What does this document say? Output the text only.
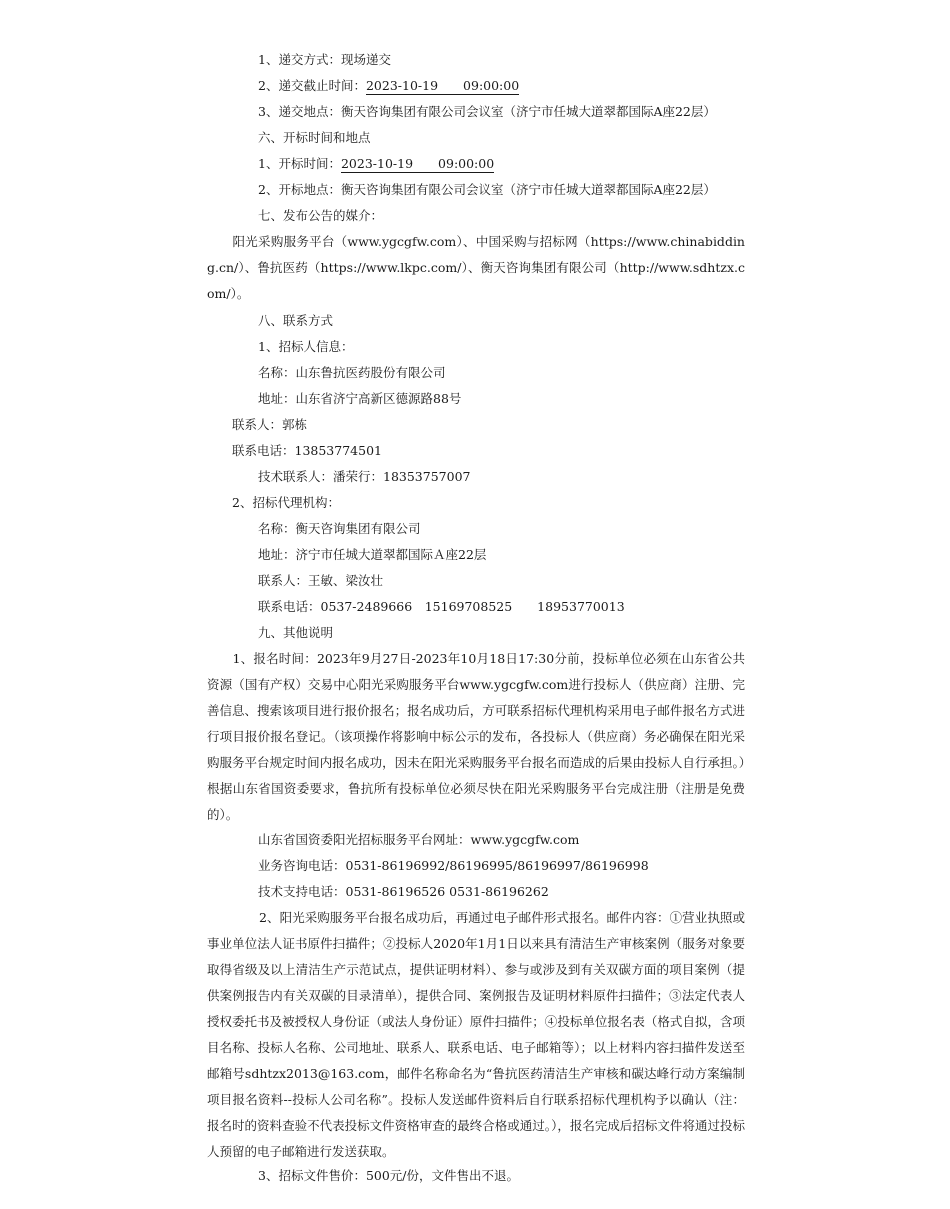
1、递交方式：现场递交
2、递交截止时间：2023-10-19　　09:00:00
3、递交地点：衡天咨询集团有限公司会议室（济宁市任城大道翠都国际A座22层）
六、开标时间和地点
1、开标时间：2023-10-19　　09:00:00
2、开标地点：衡天咨询集团有限公司会议室（济宁市任城大道翠都国际A座22层）
七、发布公告的媒介：
　　阳光采购服务平台（www.ygcgfw.com）、中国采购与招标网（https://www.chinabidding.cn/）、鲁抗医药（https://www.lkpc.com/）、衡天咨询集团有限公司（http://www.sdhtzx.com/）。
八、联系方式
1、招标人信息：
名称：山东鲁抗医药股份有限公司
地址：山东省济宁高新区德源路88号
联系人：郭栋
联系电话：13853774501
技术联系人：潘荣行：18353757007
2、招标代理机构：
名称：衡天咨询集团有限公司
地址：济宁市任城大道翠都国际Ａ座22层
联系人：王敏、梁汝壮
联系电话：0537-2489666　15169708525　　18953770013
九、其他说明
　　1、报名时间：2023年9月27日-2023年10月18日17:30分前，投标单位必须在山东省公共资源（国有产权）交易中心阳光采购服务平台www.ygcgfw.com进行投标人（供应商）注册、完善信息、搜索该项目进行报价报名；报名成功后，方可联系招标代理机构采用电子邮件报名方式进行项目报价报名登记。（该项操作将影响中标公示的发布，各投标人（供应商）务必确保在阳光采购服务平台规定时间内报名成功，因未在阳光采购服务平台报名而造成的后果由投标人自行承担。）根据山东省国资委要求，鲁抗所有投标单位必须尽快在阳光采购服务平台完成注册（注册是免费的）。
山东省国资委阳光招标服务平台网址：www.ygcgfw.com
业务咨询电话：0531-86196992/86196995/86196997/86196998
技术支持电话：0531-86196526 0531-86196262
2、阳光采购服务平台报名成功后，再通过电子邮件形式报名。邮件内容：①营业执照或事业单位法人证书原件扫描件；②投标人2020年1月1日以来具有清洁生产审核案例（服务对象要取得省级及以上清洁生产示范试点，提供证明材料）、参与或涉及到有关双碳方面的项目案例（提供案例报告内有关双碳的目录清单），提供合同、案例报告及证明材料原件扫描件；③法定代表人授权委托书及被授权人身份证（或法人身份证）原件扫描件；④投标单位报名表（格式自拟，含项目名称、投标人名称、公司地址、联系人、联系电话、电子邮箱等）；以上材料内容扫描件发送至邮箱号sdhtzx2013@163.com，邮件名称命名为“鲁抗医药清洁生产审核和碳达峰行动方案编制项目报名资料--投标人公司名称”。投标人发送邮件资料后自行联系招标代理机构予以确认（注：报名时的资料查验不代表投标文件资格审查的最终合格或通过。），报名完成后招标文件将通过投标人预留的电子邮箱进行发送获取。
3、招标文件售价：500元/份，文件售出不退。
